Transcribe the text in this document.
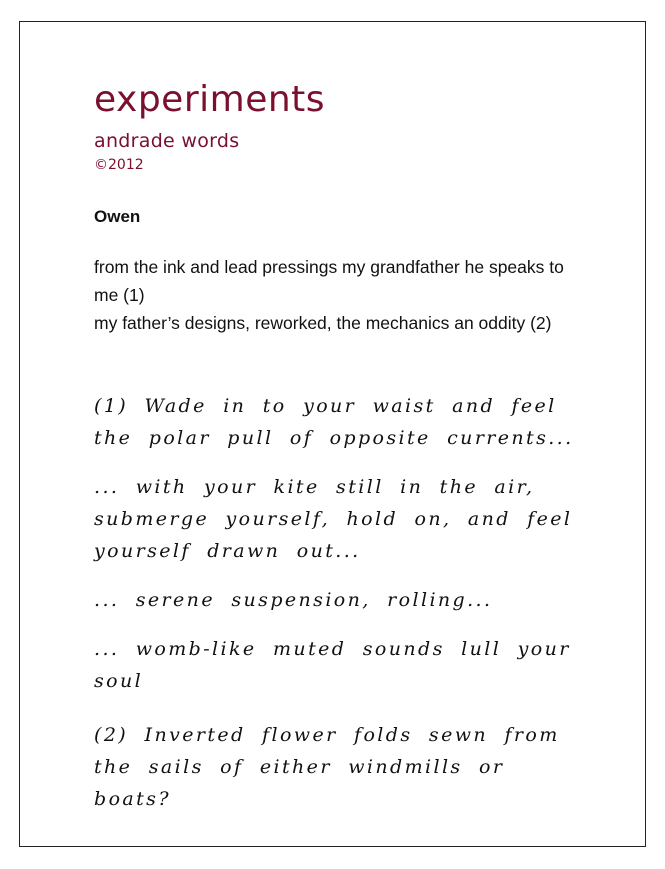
experiments
andrade words
©2012
Owen

from the ink and lead pressings my grandfather he speaks to me (1)

my father’s designs, reworked, the mechanics an oddity (2)

(1) Wade in to your waist and feel the polar pull of opposite currents...

... with your kite still in the air, submerge yourself, hold on, and feel yourself drawn out...

... serene suspension, rolling...

... womb-like muted sounds lull your soul

(2) Inverted flower folds sewn from the sails of either windmills or boats?
